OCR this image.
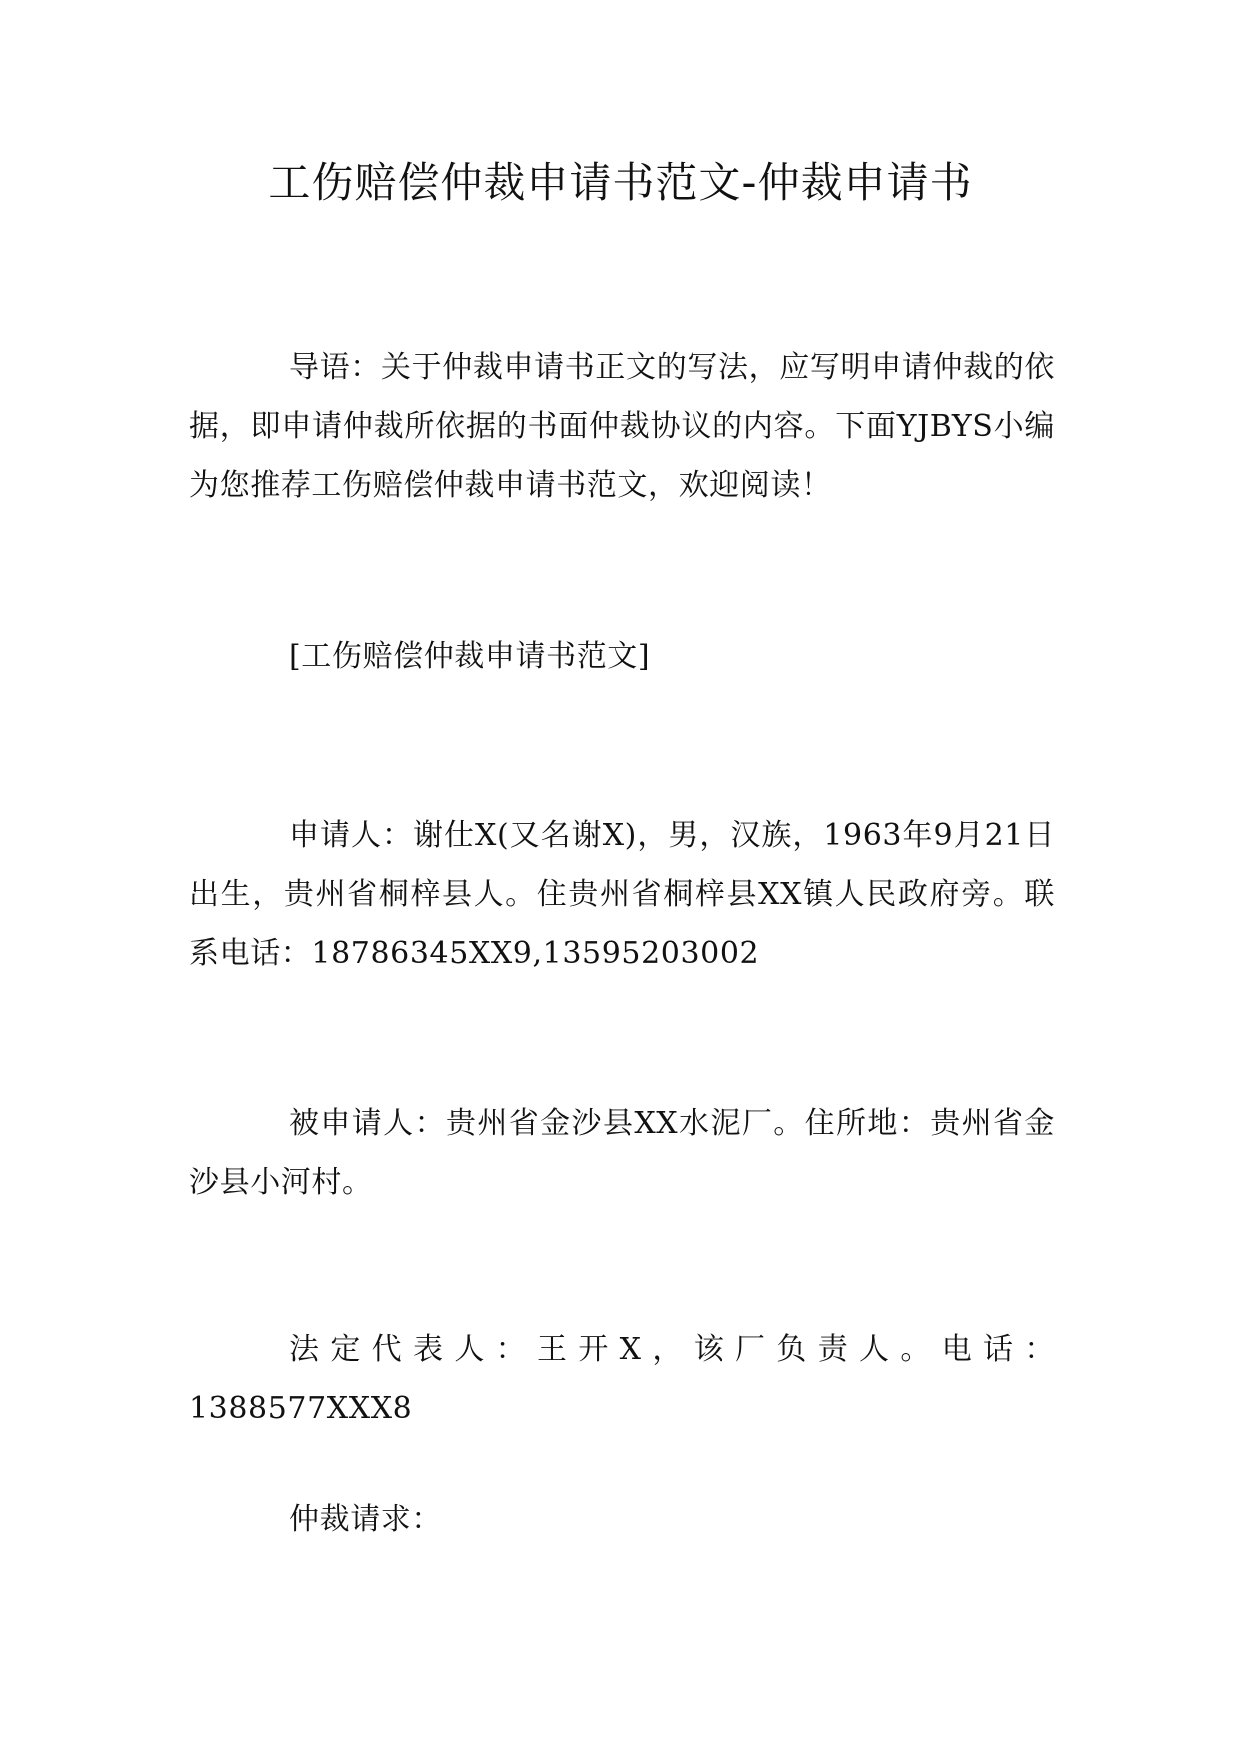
工伤赔偿仲裁申请书范文-仲裁申请书

导语：关于仲裁申请书正文的写法，应写明申请仲裁的依据，即申请仲裁所依据的书面仲裁协议的内容。下面YJBYS小编为您推荐工伤赔偿仲裁申请书范文，欢迎阅读！

[工伤赔偿仲裁申请书范文]

申请人：谢仕X(又名谢X)，男，汉族，1963年9月21日出生，贵州省桐梓县人。住贵州省桐梓县XX镇人民政府旁。联系电话：18786345XX9,13595203002

被申请人：贵州省金沙县XX水泥厂。住所地：贵州省金沙县小河村。

法定代表人：王开X，该厂负责人。电话：1388577XXX8

仲裁请求：
